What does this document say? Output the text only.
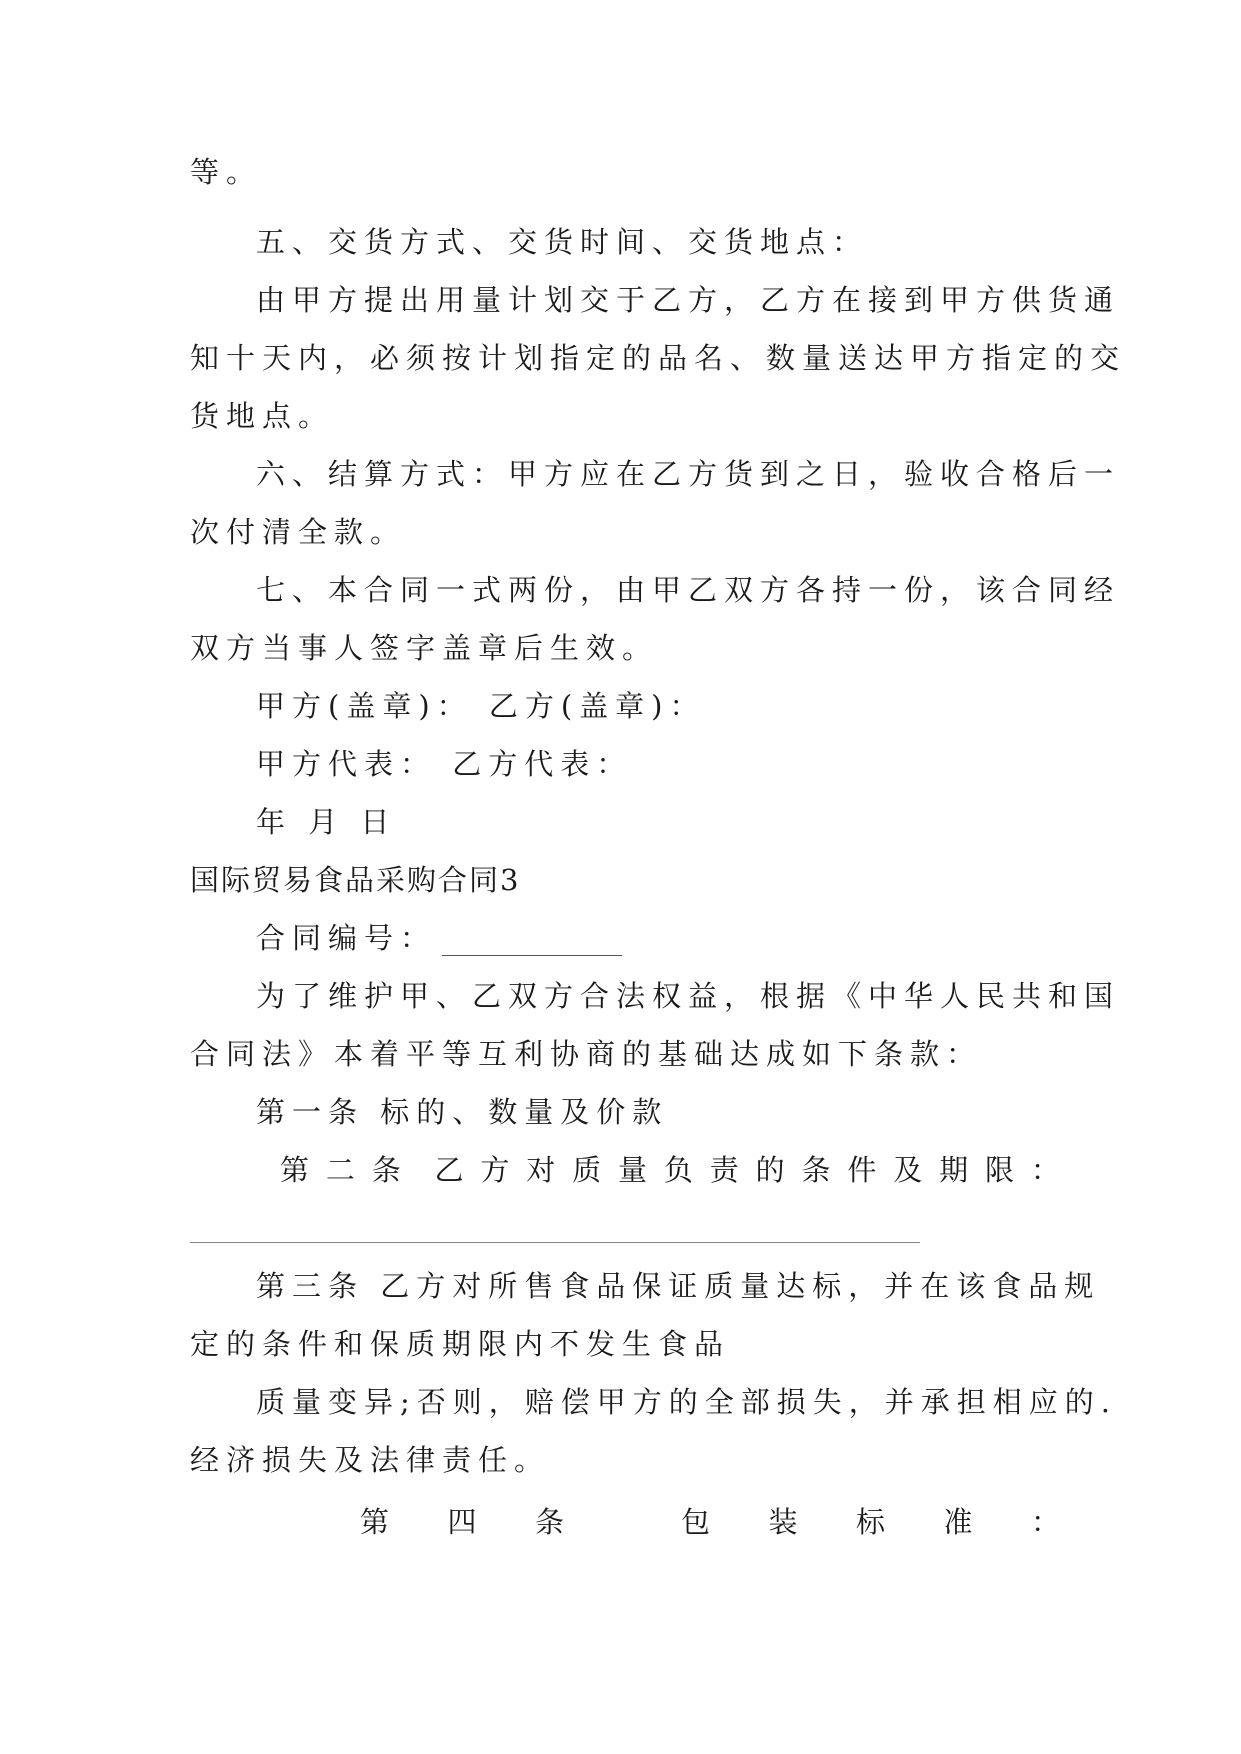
等。
五、交货方式、交货时间、交货地点：
由甲方提出用量计划交于乙方，乙方在接到甲方供货通
知十天内，必须按计划指定的品名、数量送达甲方指定的交
货地点。
六、结算方式：甲方应在乙方货到之日，验收合格后一
次付清全款。
七、本合同一式两份，由甲乙双方各持一份，该合同经
双方当事人签字盖章后生效。
甲方(盖章)： 乙方(盖章)：
甲方代表： 乙方代表：
年 月 日
国际贸易食品采购合同3
合同编号：
为了维护甲、乙双方合法权益，根据《中华人民共和国
合同法》本着平等互利协商的基础达成如下条款：
第一条 标的、数量及价款
第 二 条 乙 方 对 质 量 负 责 的 条 件 及 期 限 ：
第三条 乙方对所售食品保证质量达标，并在该食品规
定的条件和保质期限内不发生食品
质量变异;否则，赔偿甲方的全部损失，并承担相应的.
经济损失及法律责任。
第 四 条	包 装 标 准 ：
